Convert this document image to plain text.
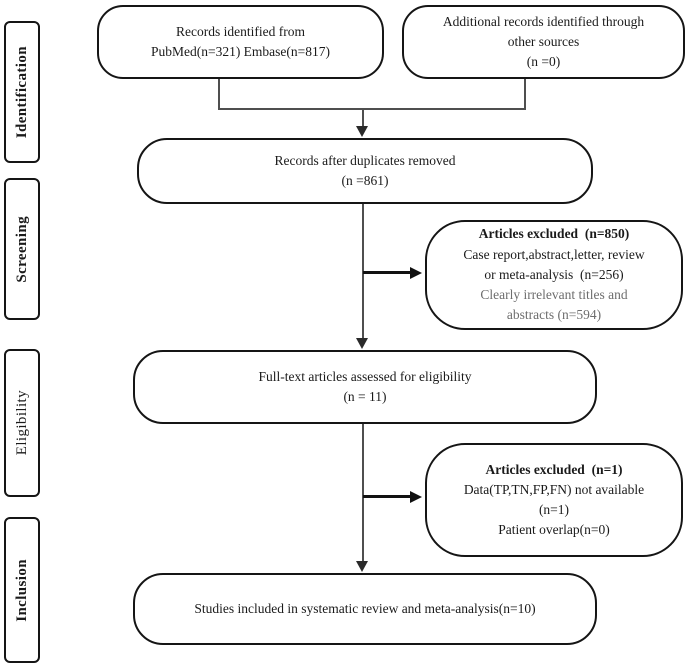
Identification
Screening
Eligibility
Inclusion
Records identified from
PubMed(n=321) Embase(n=817)
Additional records identified through
other sources
(n =0)
Records after duplicates removed
(n =861)
Articles excluded  (n=850)
Case report,abstract,letter, review
or meta-analysis  (n=256)
Clearly irrelevant titles and
abstracts (n=594)
Full-text articles assessed for eligibility
(n = 11)
Articles excluded  (n=1)
Data(TP,TN,FP,FN) not available
(n=1)
Patient overlap(n=0)
Studies included in systematic review and meta-analysis(n=10)
